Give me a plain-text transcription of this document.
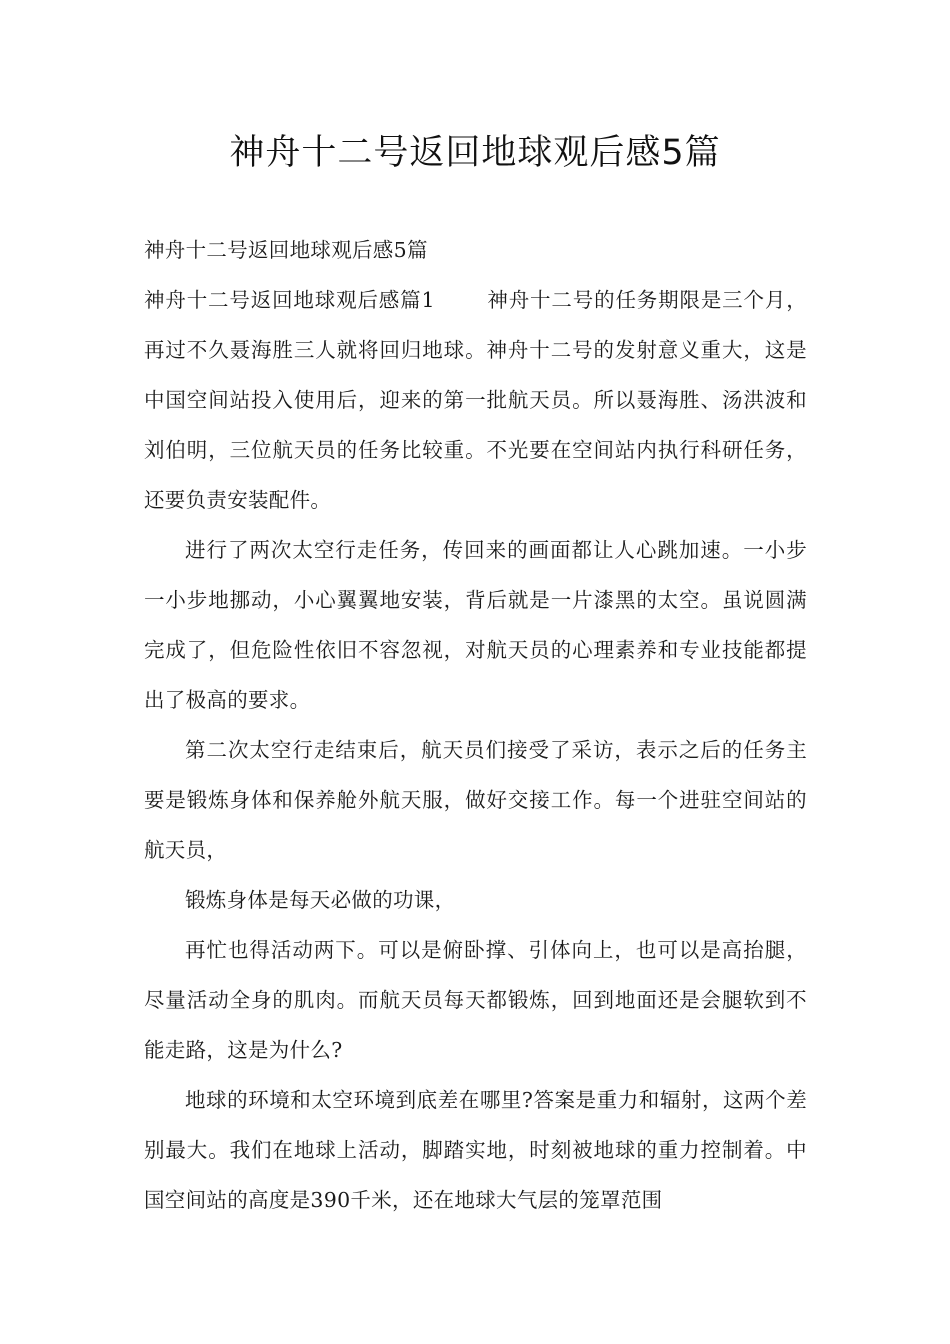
神舟十二号返回地球观后感5篇

神舟十二号返回地球观后感5篇

神舟十二号返回地球观后感篇1	神舟十二号的任务期限是三个月，再过不久聂海胜三人就将回归地球。神舟十二号的发射意义重大，这是中国空间站投入使用后，迎来的第一批航天员。所以聂海胜、汤洪波和刘伯明，三位航天员的任务比较重。不光要在空间站内执行科研任务，还要负责安装配件。

进行了两次太空行走任务，传回来的画面都让人心跳加速。一小步一小步地挪动，小心翼翼地安装，背后就是一片漆黑的太空。虽说圆满完成了，但危险性依旧不容忽视，对航天员的心理素养和专业技能都提出了极高的要求。

第二次太空行走结束后，航天员们接受了采访，表示之后的任务主要是锻炼身体和保养舱外航天服，做好交接工作。每一个进驻空间站的航天员，

锻炼身体是每天必做的功课，

再忙也得活动两下。可以是俯卧撑、引体向上，也可以是高抬腿，尽量活动全身的肌肉。而航天员每天都锻炼，回到地面还是会腿软到不能走路，这是为什么?

地球的环境和太空环境到底差在哪里?答案是重力和辐射，这两个差别最大。我们在地球上活动，脚踏实地，时刻被地球的重力控制着。中国空间站的高度是390千米，还在地球大气层的笼罩范围
